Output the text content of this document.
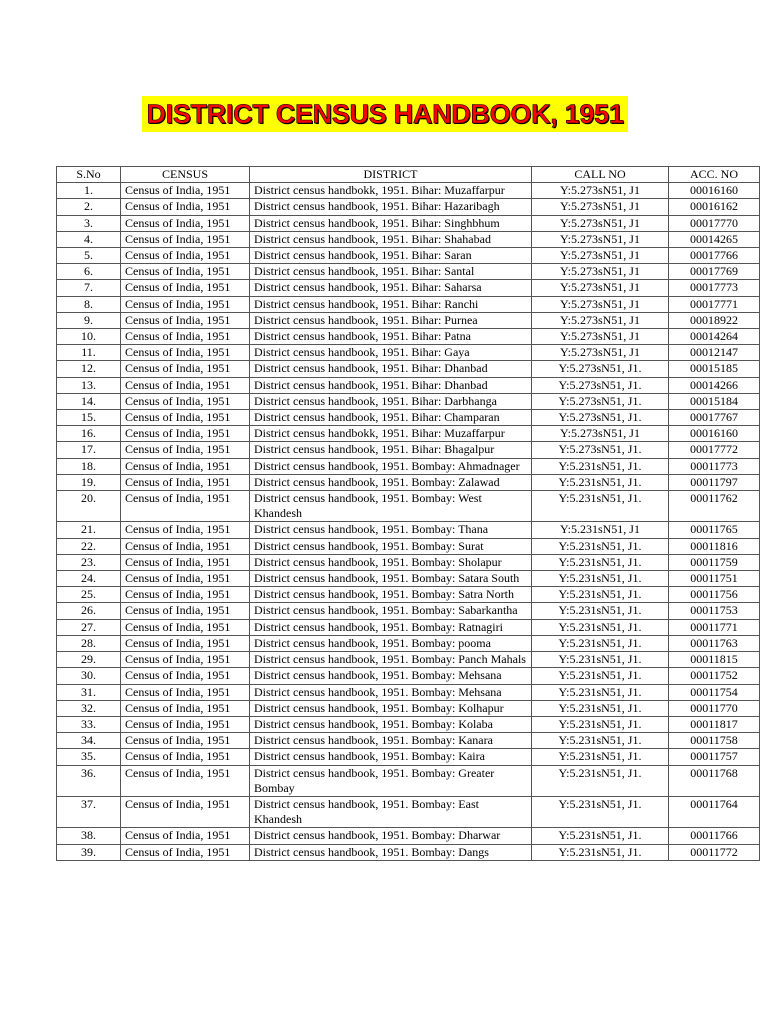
DISTRICT CENSUS HANDBOOK, 1951
S.No	CENSUS	DISTRICT	CALL NO	ACC. NO
1.	Census of India, 1951	District census handbokk, 1951. Bihar: Muzaffarpur	Y:5.273sN51, J1	00016160
2.	Census of India, 1951	District census handbook, 1951. Bihar: Hazaribagh	Y:5.273sN51, J1	00016162
3.	Census of India, 1951	District census handbook, 1951. Bihar: Singhbhum	Y:5.273sN51, J1	00017770
4.	Census of India, 1951	District census handbook, 1951. Bihar: Shahabad	Y:5.273sN51, J1	00014265
5.	Census of India, 1951	District census handbook, 1951. Bihar: Saran	Y:5.273sN51, J1	00017766
6.	Census of India, 1951	District census handbook, 1951. Bihar: Santal	Y:5.273sN51, J1	00017769
7.	Census of India, 1951	District census handbook, 1951. Bihar: Saharsa	Y:5.273sN51, J1	00017773
8.	Census of India, 1951	District census handbook, 1951. Bihar: Ranchi	Y:5.273sN51, J1	00017771
9.	Census of India, 1951	District census handbook, 1951. Bihar: Purnea	Y:5.273sN51, J1	00018922
10.	Census of India, 1951	District census handbook, 1951. Bihar: Patna	Y:5.273sN51, J1	00014264
11.	Census of India, 1951	District census handbook, 1951. Bihar: Gaya	Y:5.273sN51, J1	00012147
12.	Census of India, 1951	District census handbook, 1951. Bihar: Dhanbad	Y:5.273sN51, J1.	00015185
13.	Census of India, 1951	District census handbook, 1951. Bihar: Dhanbad	Y:5.273sN51, J1.	00014266
14.	Census of India, 1951	District census handbook, 1951. Bihar: Darbhanga	Y:5.273sN51, J1.	00015184
15.	Census of India, 1951	District census handbook, 1951. Bihar: Champaran	Y:5.273sN51, J1.	00017767
16.	Census of India, 1951	District census handbokk, 1951. Bihar: Muzaffarpur	Y:5.273sN51, J1	00016160
17.	Census of India, 1951	District census handbook, 1951. Bihar: Bhagalpur	Y:5.273sN51, J1.	00017772
18.	Census of India, 1951	District census handbook, 1951. Bombay: Ahmadnager	Y:5.231sN51, J1.	00011773
19.	Census of India, 1951	District census handbook, 1951. Bombay: Zalawad	Y:5.231sN51, J1.	00011797
20.	Census of India, 1951	District census handbook, 1951. Bombay: West Khandesh	Y:5.231sN51, J1.	00011762
21.	Census of India, 1951	District census handbook, 1951. Bombay: Thana	Y:5.231sN51, J1	00011765
22.	Census of India, 1951	District census handbook, 1951. Bombay: Surat	Y:5.231sN51, J1.	00011816
23.	Census of India, 1951	District census handbook, 1951. Bombay: Sholapur	Y:5.231sN51, J1.	00011759
24.	Census of India, 1951	District census handbook, 1951. Bombay: Satara South	Y:5.231sN51, J1.	00011751
25.	Census of India, 1951	District census handbook, 1951. Bombay: Satra North	Y:5.231sN51, J1.	00011756
26.	Census of India, 1951	District census handbook, 1951. Bombay: Sabarkantha	Y:5.231sN51, J1.	00011753
27.	Census of India, 1951	District census handbook, 1951. Bombay: Ratnagiri	Y:5.231sN51, J1.	00011771
28.	Census of India, 1951	District census handbook, 1951. Bombay: pooma	Y:5.231sN51, J1.	00011763
29.	Census of India, 1951	District census handbook, 1951. Bombay: Panch Mahals	Y:5.231sN51, J1.	00011815
30.	Census of India, 1951	District census handbook, 1951. Bombay: Mehsana	Y:5.231sN51, J1.	00011752
31.	Census of India, 1951	District census handbook, 1951. Bombay: Mehsana	Y:5.231sN51, J1.	00011754
32.	Census of India, 1951	District census handbook, 1951. Bombay: Kolhapur	Y:5.231sN51, J1.	00011770
33.	Census of India, 1951	District census handbook, 1951. Bombay: Kolaba	Y:5.231sN51, J1.	00011817
34.	Census of India, 1951	District census handbook, 1951. Bombay: Kanara	Y:5.231sN51, J1.	00011758
35.	Census of India, 1951	District census handbook, 1951. Bombay: Kaira	Y:5.231sN51, J1.	00011757
36.	Census of India, 1951	District census handbook, 1951. Bombay: Greater Bombay	Y:5.231sN51, J1.	00011768
37.	Census of India, 1951	District census handbook, 1951. Bombay: East Khandesh	Y:5.231sN51, J1.	00011764
38.	Census of India, 1951	District census handbook, 1951. Bombay: Dharwar	Y:5.231sN51, J1.	00011766
39.	Census of India, 1951	District census handbook, 1951. Bombay: Dangs	Y:5.231sN51, J1.	00011772
